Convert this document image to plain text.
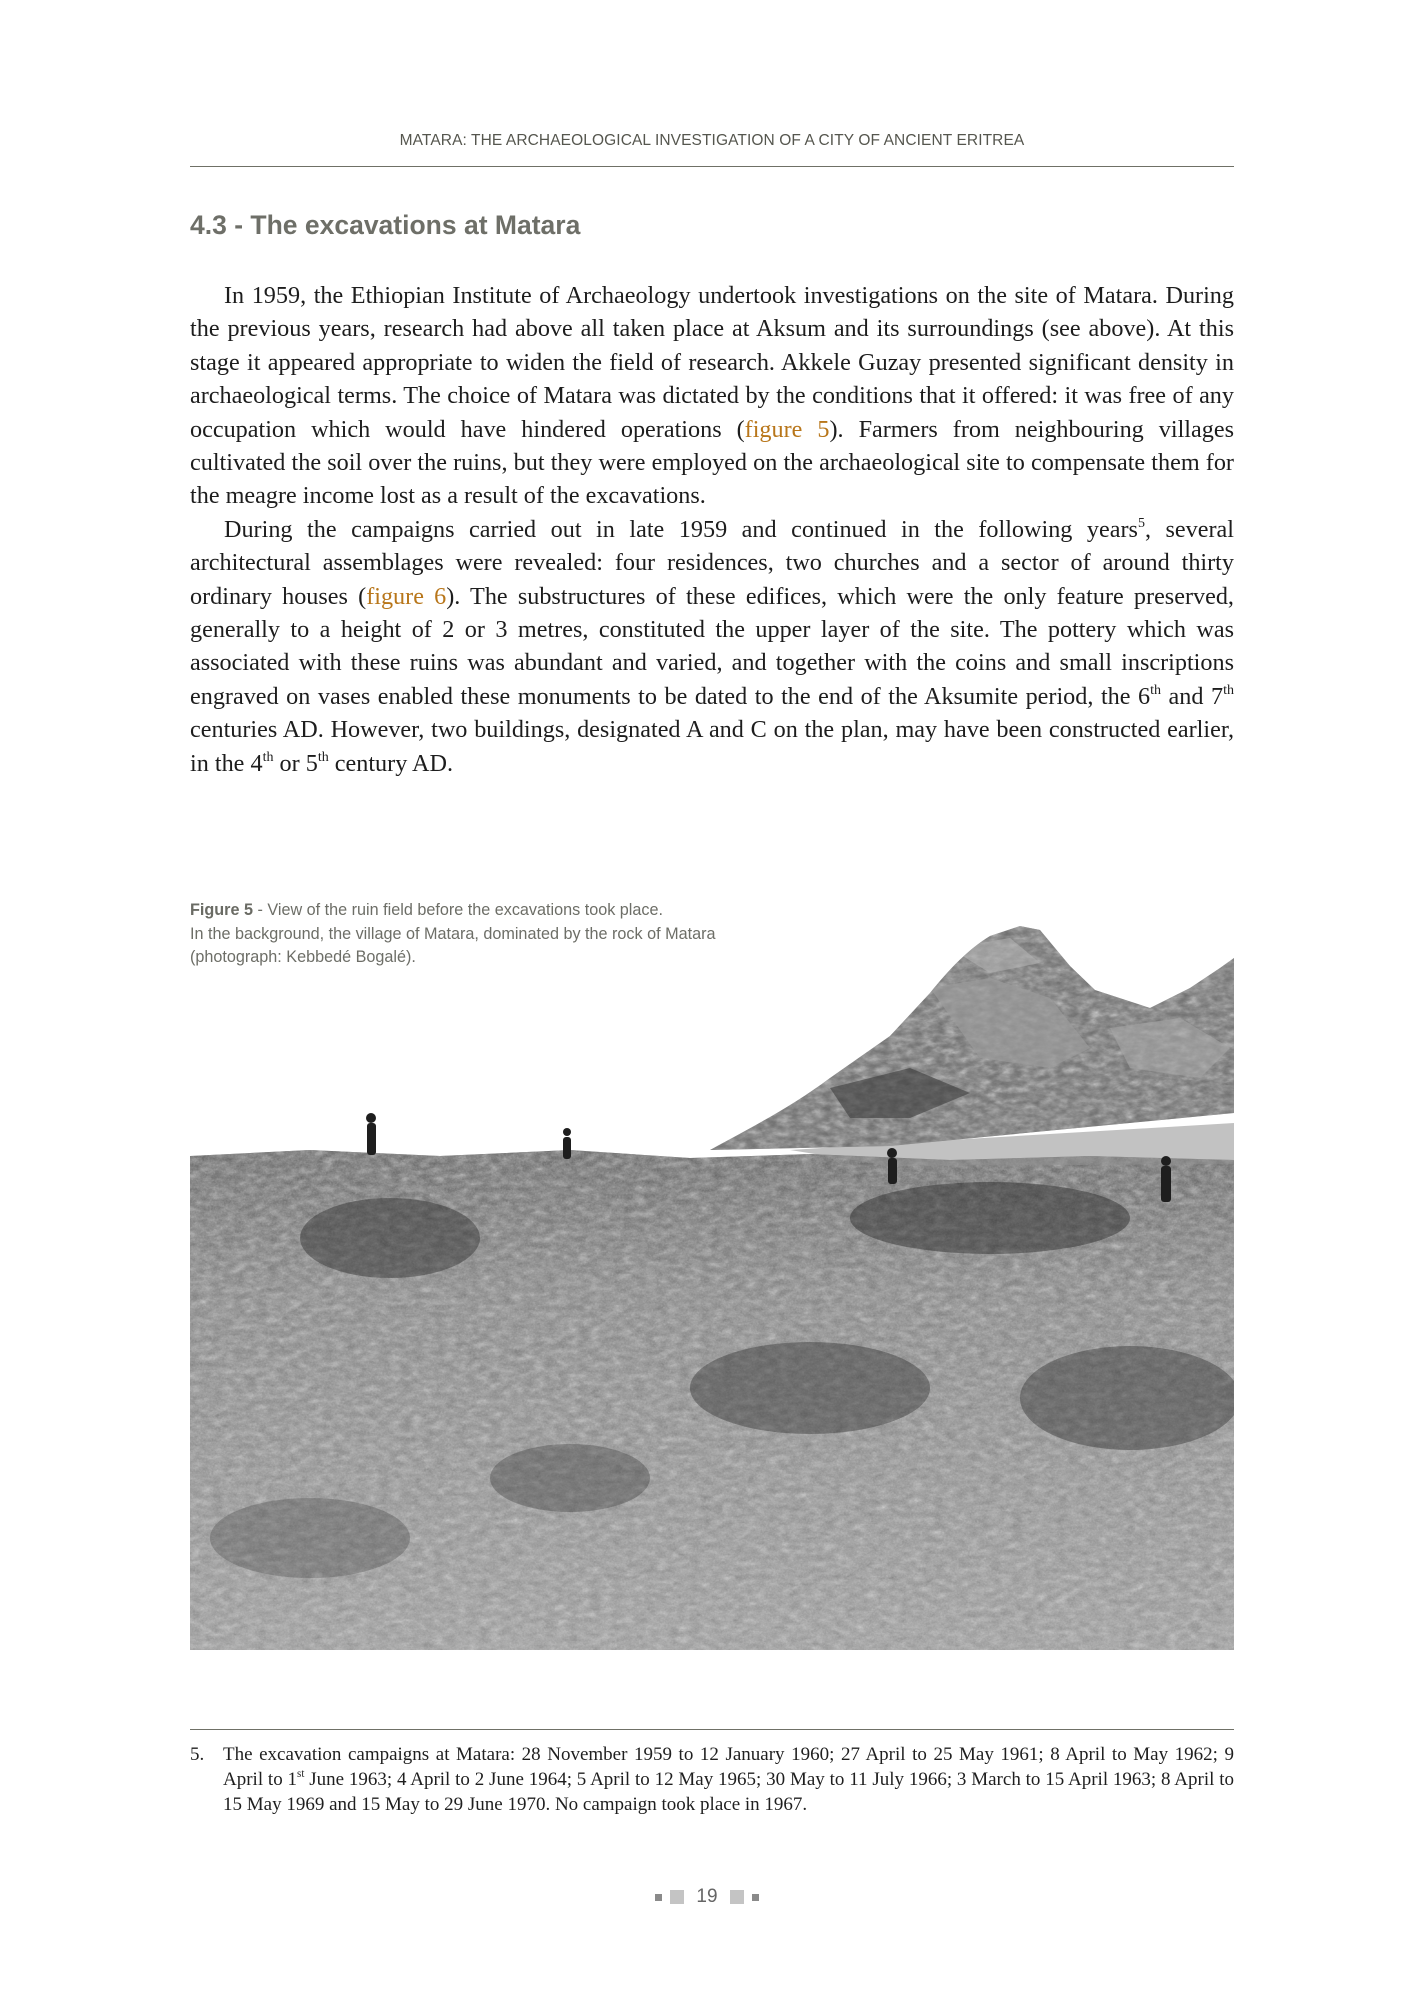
MATARA: THE ARCHAEOLOGICAL INVESTIGATION OF A CITY OF ANCIENT ERITREA
4.3 - The excavations at Matara

In 1959, the Ethiopian Institute of Archaeology undertook investigations on the site of Matara. During the previous years, research had above all taken place at Aksum and its surroundings (see above). At this stage it appeared appropriate to widen the field of research. Akkele Guzay presented significant density in archaeological terms. The choice of Matara was dictated by the conditions that it offered: it was free of any occupation which would have hindered operations (figure 5). Farmers from neighbouring villages cultivated the soil over the ruins, but they were employed on the archaeological site to compensate them for the meagre income lost as a result of the excavations.

During the campaigns carried out in late 1959 and continued in the following years$^5$, several architectural assemblages were revealed: four residences, two churches and a sector of around thirty ordinary houses (figure 6). The substructures of these edifices, which were the only feature preserved, generally to a height of 2 or 3 metres, constituted the upper layer of the site. The pottery which was associated with these ruins was abundant and varied, and together with the coins and small inscriptions engraved on vases enabled these monuments to be dated to the end of the Aksumite period, the 6th and 7th centuries AD. However, two buildings, designated A and C on the plan, may have been constructed earlier, in the 4th or 5th century AD.

Figure 5 - View of the ruin field before the excavations took place.
In the background, the village of Matara, dominated by the rock of Matara
(photograph: Kebbedé Bogalé).
5. The excavation campaigns at Matara: 28 November 1959 to 12 January 1960; 27 April to 25 May 1961; 8 April to May 1962; 9 April to 1st June 1963; 4 April to 2 June 1964; 5 April to 12 May 1965; 30 May to 11 July 1966; 3 March to 15 April 1963; 8 April to 15 May 1969 and 15 May to 29 June 1970. No campaign took place in 1967.
19
